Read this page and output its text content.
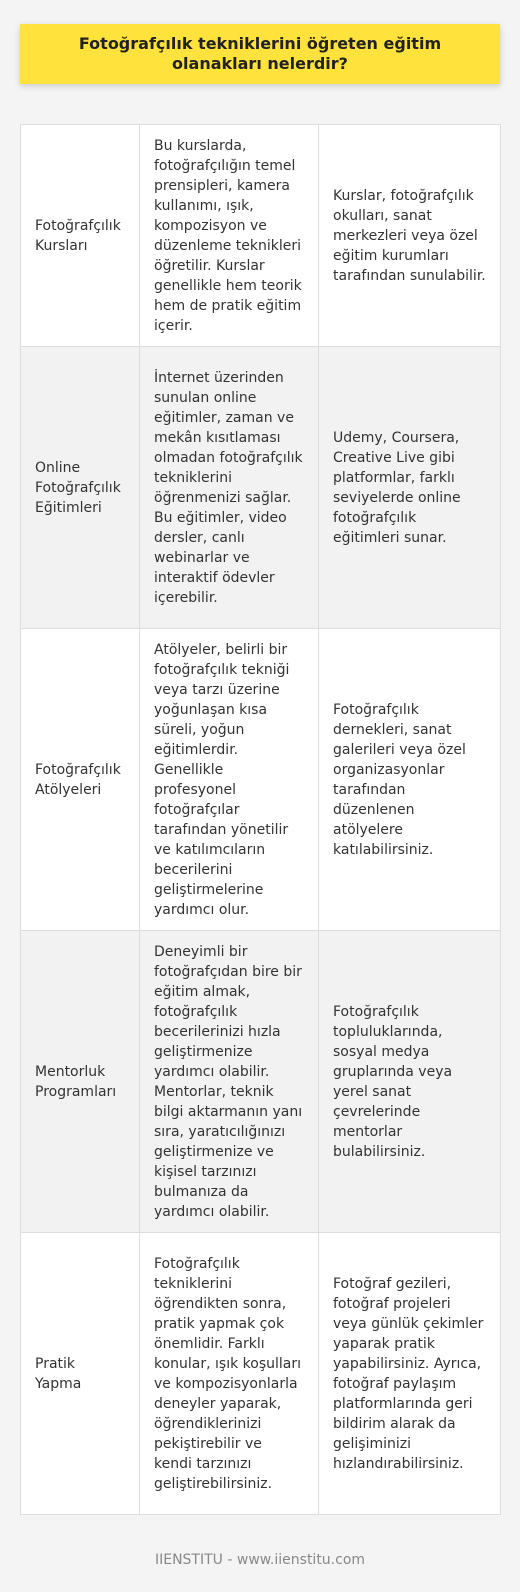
Fotoğrafçılık tekniklerini öğreten eğitim olanakları nelerdir?
Fotoğrafçılık Kursları	Bu kurslarda, fotoğrafçılığın temel prensipleri, kamera kullanımı, ışık, kompozisyon ve düzenleme teknikleri öğretilir. Kurslar genellikle hem teorik hem de pratik eğitim içerir.	Kurslar, fotoğrafçılık okulları, sanat merkezleri veya özel eğitim kurumları tarafından sunulabilir.
Online Fotoğrafçılık Eğitimleri	İnternet üzerinden sunulan online eğitimler, zaman ve mekân kısıtlaması olmadan fotoğrafçılık tekniklerini öğrenmenizi sağlar. Bu eğitimler, video dersler, canlı webinarlar ve interaktif ödevler içerebilir.	Udemy, Coursera, Creative Live gibi platformlar, farklı seviyelerde online fotoğrafçılık eğitimleri sunar.
Fotoğrafçılık Atölyeleri	Atölyeler, belirli bir fotoğrafçılık tekniği veya tarzı üzerine yoğunlaşan kısa süreli, yoğun eğitimlerdir. Genellikle profesyonel fotoğrafçılar tarafından yönetilir ve katılımcıların becerilerini geliştirmelerine yardımcı olur.	Fotoğrafçılık dernekleri, sanat galerileri veya özel organizasyonlar tarafından düzenlenen atölyelere katılabilirsiniz.
Mentorluk Programları	Deneyimli bir fotoğrafçıdan bire bir eğitim almak, fotoğrafçılık becerilerinizi hızla geliştirmenize yardımcı olabilir. Mentorlar, teknik bilgi aktarmanın yanı sıra, yaratıcılığınızı geliştirmenize ve kişisel tarzınızı bulmanıza da yardımcı olabilir.	Fotoğrafçılık topluluklarında, sosyal medya gruplarında veya yerel sanat çevrelerinde mentorlar bulabilirsiniz.
Pratik Yapma	Fotoğrafçılık tekniklerini öğrendikten sonra, pratik yapmak çok önemlidir. Farklı konular, ışık koşulları ve kompozisyonlarla deneyler yaparak, öğrendiklerinizi pekiştirebilir ve kendi tarzınızı geliştirebilirsiniz.	Fotoğraf gezileri, fotoğraf projeleri veya günlük çekimler yaparak pratik yapabilirsiniz. Ayrıca, fotoğraf paylaşım platformlarında geri bildirim alarak da gelişiminizi hızlandırabilirsiniz.
IIENSTITU - www.iienstitu.com
